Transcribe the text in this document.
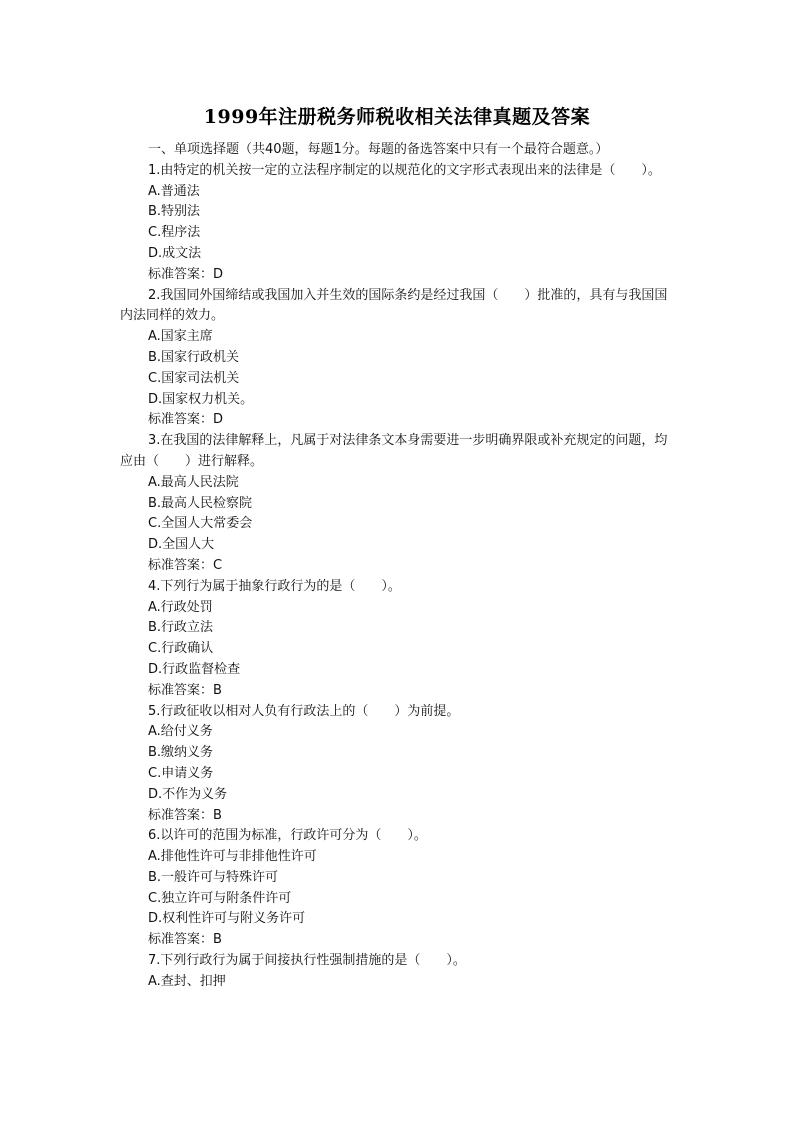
1999年注册税务师税收相关法律真题及答案
一、单项选择题（共40题，每题1分。每题的备选答案中只有一个最符合题意。）
1.由特定的机关按一定的立法程序制定的以规范化的文字形式表现出来的法律是（　　）。
A.普通法
B.特别法
C.程序法
D.成文法
标准答案：D
2.我国同外国缔结或我国加入并生效的国际条约是经过我国（　　）批准的，具有与我国国内法同样的效力。
A.国家主席
B.国家行政机关
C.国家司法机关
D.国家权力机关。
标准答案：D
3.在我国的法律解释上，凡属于对法律条文本身需要进一步明确界限或补充规定的问题，均应由（　　）进行解释。
A.最高人民法院
B.最高人民检察院
C.全国人大常委会
D.全国人大
标准答案：C
4.下列行为属于抽象行政行为的是（　　）。
A.行政处罚
B.行政立法
C.行政确认
D.行政监督检查
标准答案：B
5.行政征收以相对人负有行政法上的（　　）为前提。
A.给付义务
B.缴纳义务
C.申请义务
D.不作为义务
标准答案：B
6.以许可的范围为标准，行政许可分为（　　）。
A.排他性许可与非排他性许可
B.一般许可与特殊许可
C.独立许可与附条件许可
D.权利性许可与附义务许可
标准答案：B
7.下列行政行为属于间接执行性强制措施的是（　　）。
A.查封、扣押
